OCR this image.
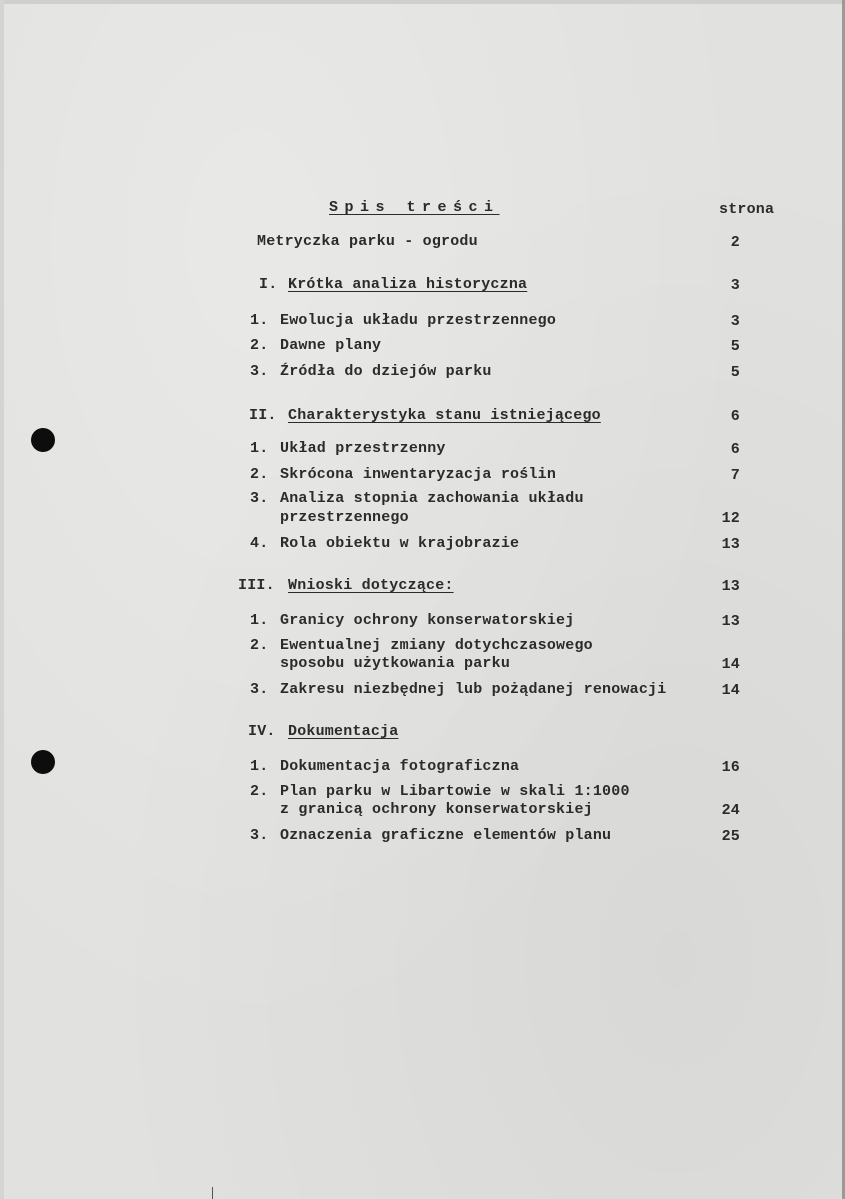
Spis treści	strona
Metryczka parku - ogrodu	2
I. Krótka analiza historyczna	3
1. Ewolucja układu przestrzennego	3
2. Dawne plany	5
3. Źródła do dziejów parku	5
II. Charakterystyka stanu istniejącego	6
1. Układ przestrzenny	6
2. Skrócona inwentaryzacja roślin	7
3. Analiza stopnia zachowania układu
przestrzennego	12
4. Rola obiektu w krajobrazie	13
III. Wnioski dotyczące:	13
1. Granicy ochrony konserwatorskiej	13
2. Ewentualnej zmiany dotychczasowego
sposobu użytkowania parku	14
3. Zakresu niezbędnej lub pożądanej renowacji	14
IV. Dokumentacja
1. Dokumentacja fotograficzna	16
2. Plan parku w Libartowie w skali 1:1000
z granicą ochrony konserwatorskiej	24
3. Oznaczenia graficzne elementów planu	25
